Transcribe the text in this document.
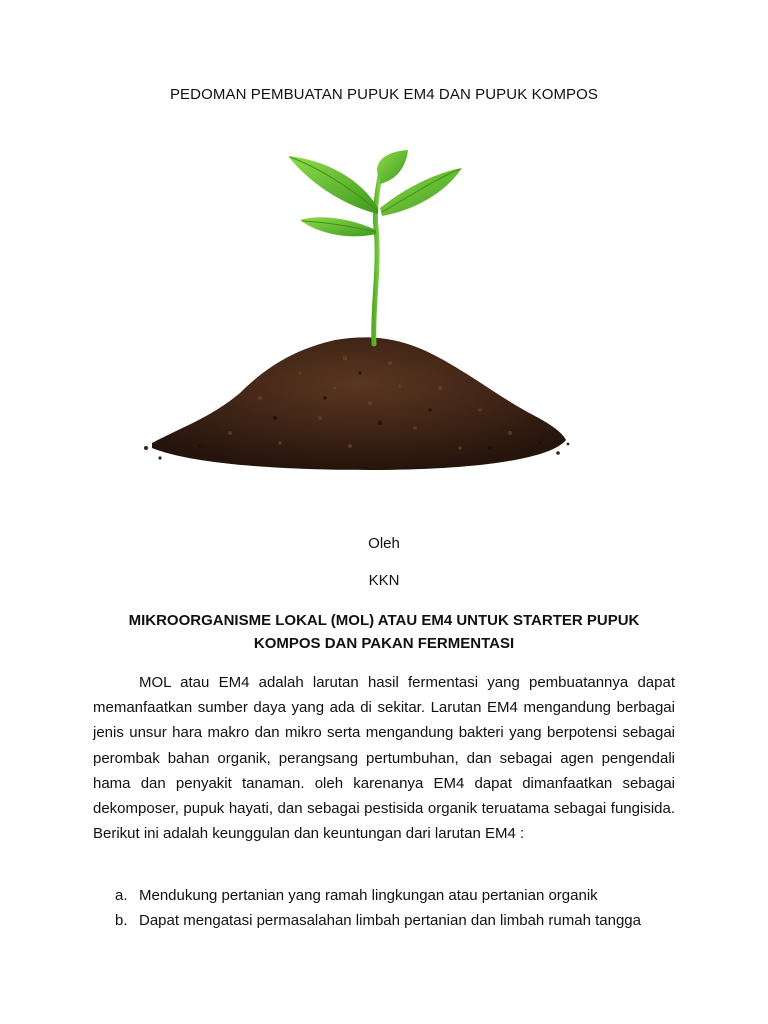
PEDOMAN PEMBUATAN PUPUK EM4 DAN PUPUK KOMPOS
Oleh
KKN
MIKROORGANISME LOKAL (MOL) ATAU EM4 UNTUK STARTER PUPUK
KOMPOS DAN PAKAN FERMENTASI

MOL atau EM4 adalah larutan hasil fermentasi yang pembuatannya dapat memanfaatkan sumber daya yang ada di sekitar. Larutan EM4 mengandung berbagai jenis unsur hara makro dan mikro serta mengandung bakteri yang berpotensi sebagai perombak bahan organik, perangsang pertumbuhan, dan sebagai agen pengendali hama dan penyakit tanaman. oleh karenanya EM4 dapat dimanfaatkan sebagai dekomposer, pupuk hayati, dan sebagai pestisida organik teruatama sebagai fungisida. Berikut ini adalah keunggulan dan keuntungan dari larutan EM4 :

a. Mendukung pertanian yang ramah lingkungan atau pertanian organik
b. Dapat mengatasi permasalahan limbah pertanian dan limbah rumah tangga
